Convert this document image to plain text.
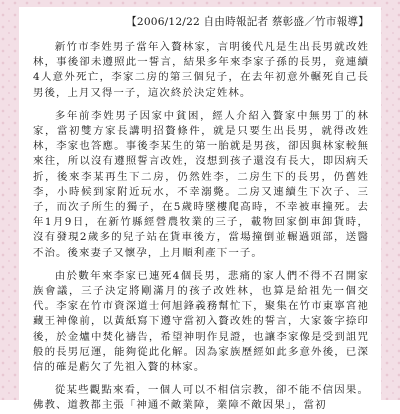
【2006/12/22 自由時報記者 蔡彰盛／竹市報導】

新竹市李姓男子當年入贅林家，言明後代凡是生出長男就改姓林，事後卻未遵照此一誓言，結果多年來李家子孫的長男，竟連續4人意外死亡，李家二房的第三個兒子，在去年初意外輾死自己長男後，上月又得一子，這次終於決定姓林。

多年前李姓男子因家中貧困，經人介紹入贅家中無男丁的林家，當初雙方家長講明招贅條件，就是只要生出長男，就得改姓林，李家也答應。事後李某生的第一胎就是男孩，卻因與林家較無來往，所以沒有遵照誓言改姓，沒想到孩子還沒有長大，即因病夭折，後來李某再生下二房，仍然姓李，二房生下的長男，仍舊姓李，小時候到家附近玩水，不幸溺斃。二房又連續生下次子、三子，而次子所生的獨子，在5歲時墜樓爬高時，不幸被車撞死。去年1月9日，在新竹縣經營農牧業的三子，載物回家倒車卸貨時，沒有發現2歲多的兒子站在貨車後方，當場撞倒並輾過頭部，送醫不治。後來妻子又懷孕，上月順利產下一子。

由於數年來李家已連死4個長男，悲痛的家人們不得不召開家族會議，三子決定將剛滿月的孩子改姓林，也算是給祖先一個交代。李家在竹市資深道士何旭鋒義務幫忙下，聚集在竹市東寧宮祂藏王神像前，以黃紙寫下遵守當初入贅改姓的誓言，大家簽字捺印後，於金爐中焚化禱告，希望神明作見證，也讓李家像是受到詛咒般的長男厄運，能夠從此化解。因為家族歷經如此多意外後，已深信的確是虧欠了先祖入贅的林家。

從某些觀點來看，一個人可以不相信宗教，卻不能不信因果。佛教、道教都主張「神通不敵業障，業障不敵因果」，當初
